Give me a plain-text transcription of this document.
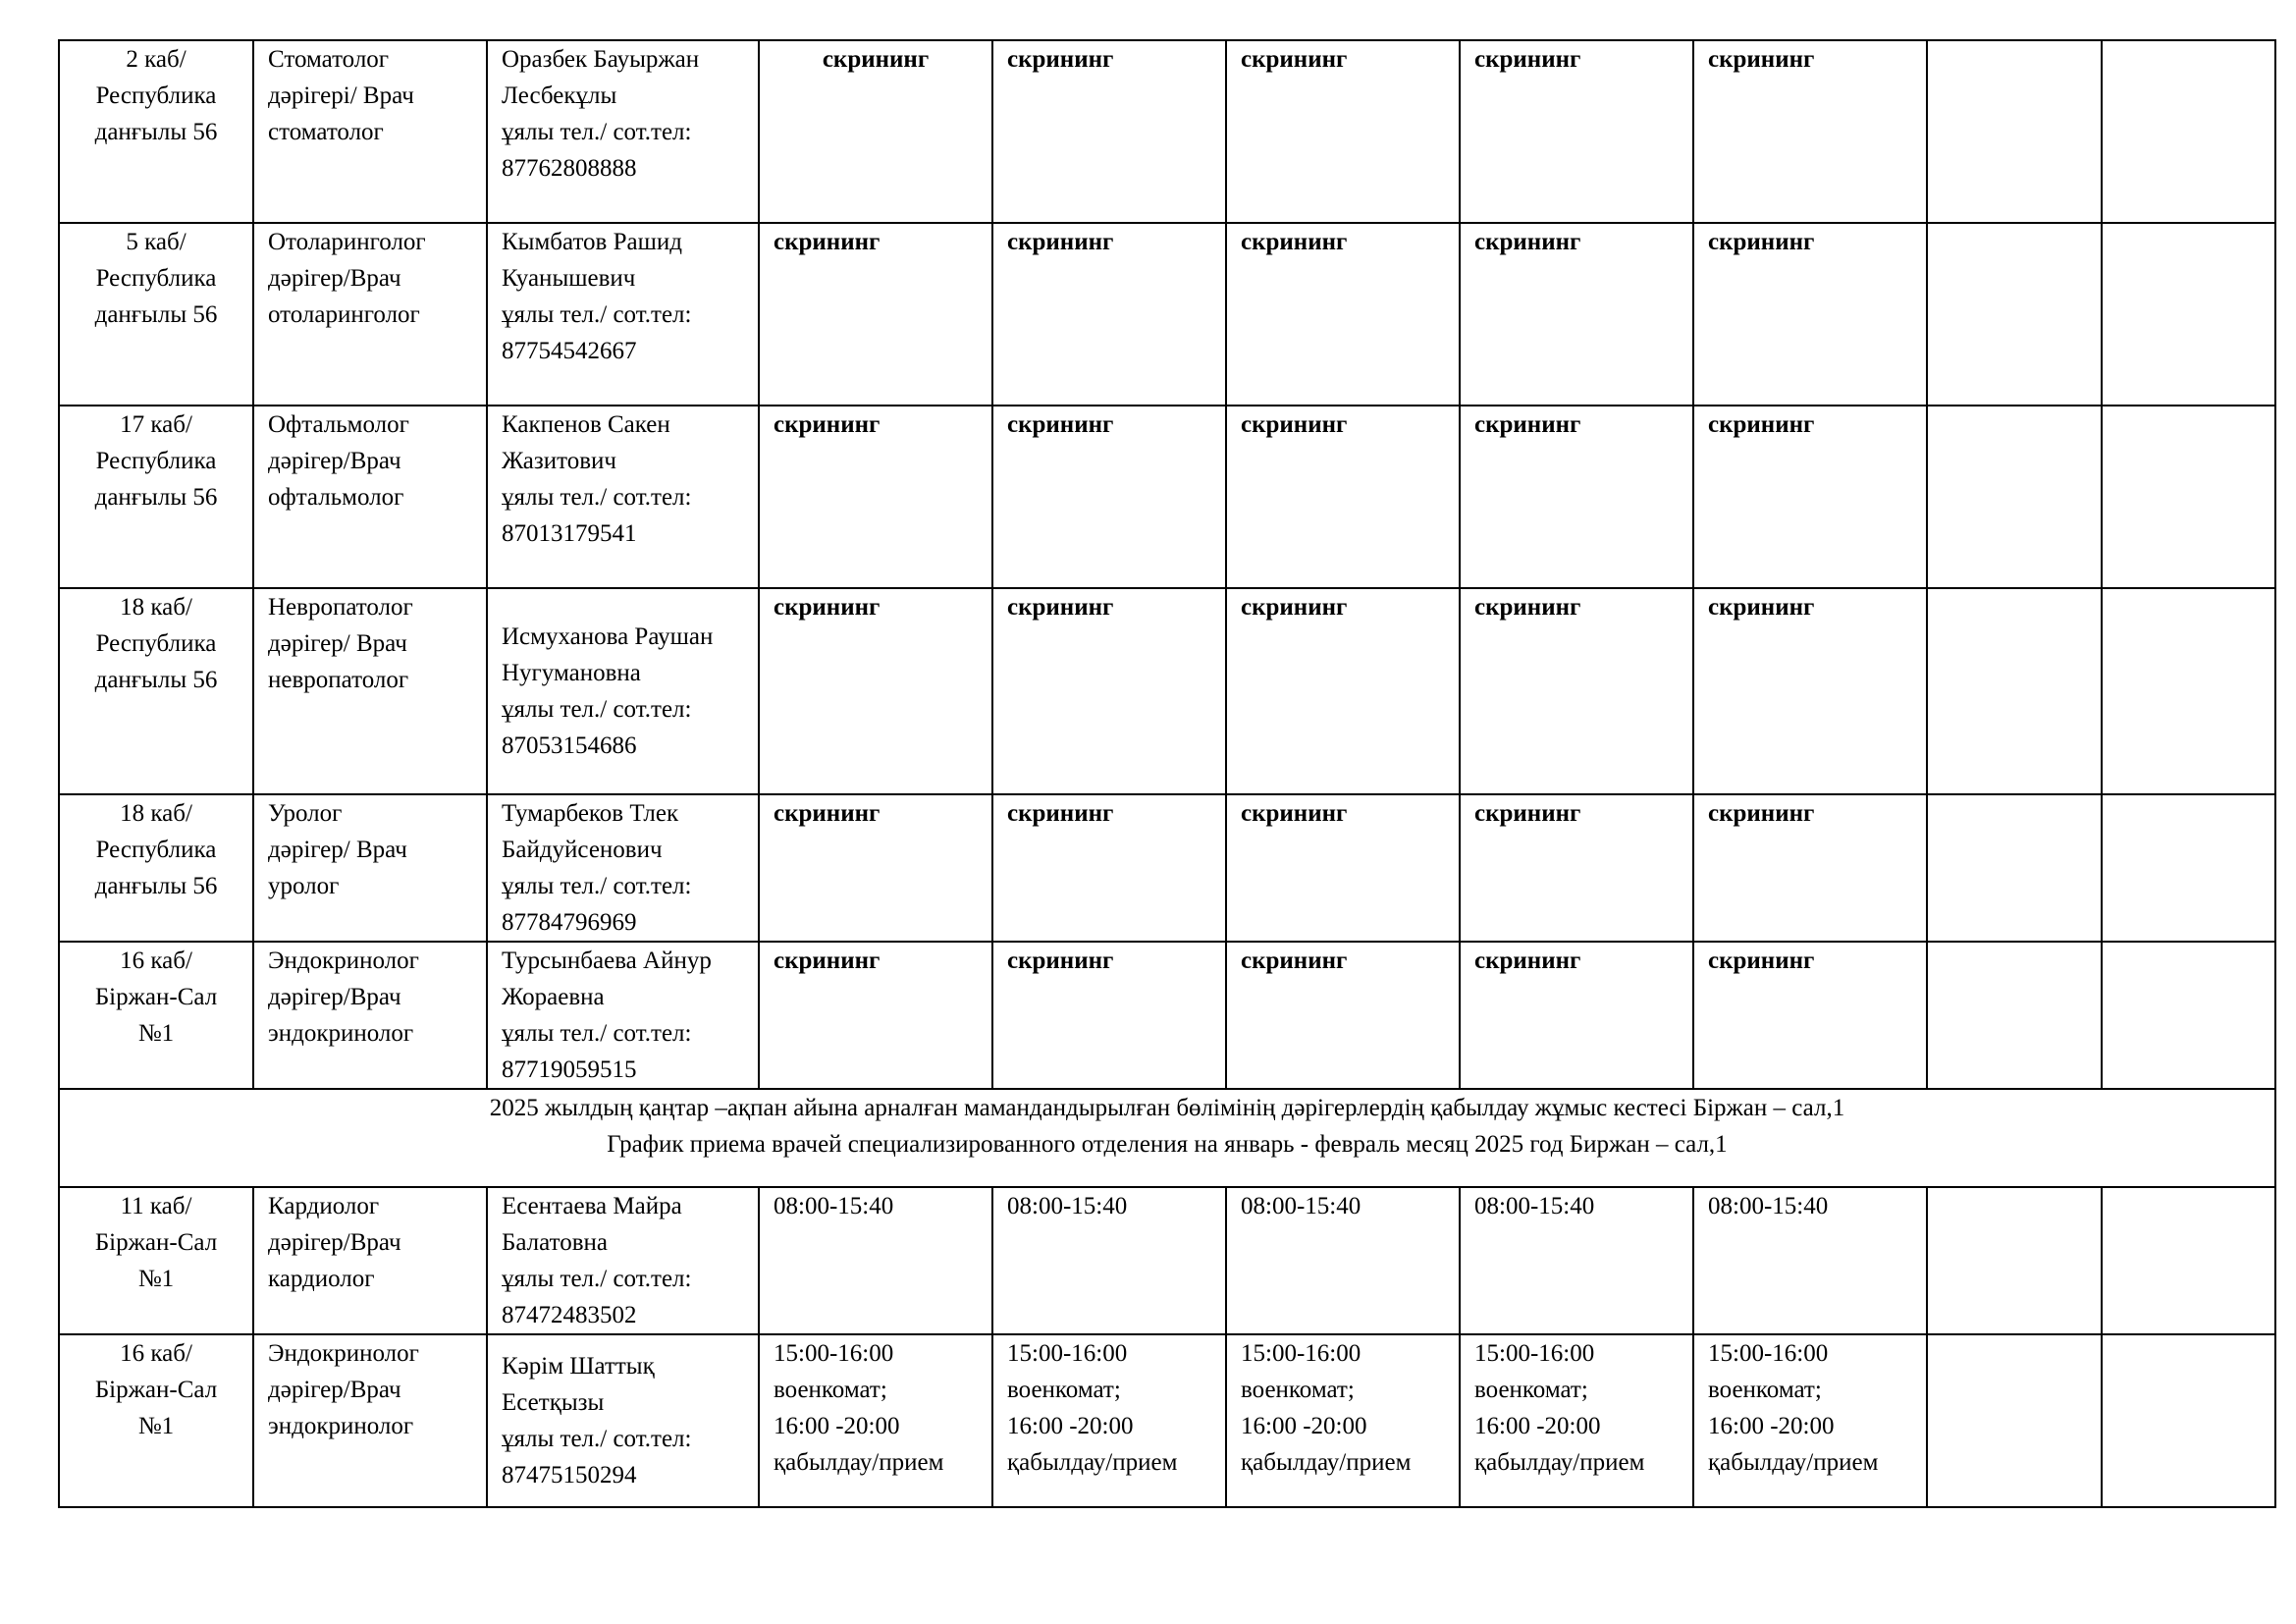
2 каб/
Республика
данғылы 56	Стоматолог
дәрігері/ Врач
стоматолог	Оразбек Бауыржан
Лесбекұлы
ұялы тел./ сот.тел:
87762808888	скрининг	скрининг	скрининг	скрининг	скрининг		

5 каб/
Республика
данғылы 56	Отоларинголог
дәрігер/Врач
отоларинголог	Кымбатов Рашид
Куанышевич
ұялы тел./ сот.тел:
87754542667	скрининг	скрининг	скрининг	скрининг	скрининг		

17 каб/
Республика
данғылы 56	Офтальмолог
дәрігер/Врач
офтальмолог	Какпенов Сакен
Жазитович
ұялы тел./ сот.тел:
87013179541	скрининг	скрининг	скрининг	скрининг	скрининг		

18 каб/
Республика
данғылы 56	Невропатолог
дәрігер/ Врач
невропатолог	Исмуханова Раушан
Нугумановна
ұялы тел./ сот.тел:
87053154686	скрининг	скрининг	скрининг	скрининг	скрининг		

18 каб/
Республика
данғылы 56	Уролог
дәрігер/ Врач
уролог	Тумарбеков Тлек
Байдуйсенович
ұялы тел./ сот.тел:
87784796969	скрининг	скрининг	скрининг	скрининг	скрининг		

16 каб/
Біржан-Сал
№1	Эндокринолог
дәрігер/Врач
эндокринолог	Турсынбаева Айнур
Жораевна
ұялы тел./ сот.тел:
87719059515	скрининг	скрининг	скрининг	скрининг	скрининг		

2025 жылдың қаңтар –ақпан айына арналған мамандандырылған бөлімінің дәрігерлердің қабылдау жұмыс кестесі Біржан – сал,1
График приема врачей специализированного отделения на январь - февраль месяц 2025 год Биржан – сал,1									

11 каб/
Біржан-Сал
№1	Кардиолог
дәрігер/Врач
кардиолог	Есентаева Майра
Балатовна
ұялы тел./ сот.тел:
87472483502	08:00-15:40	08:00-15:40	08:00-15:40	08:00-15:40	08:00-15:40		

16 каб/
Біржан-Сал
№1	Эндокринолог
дәрігер/Врач
эндокринолог	Кәрім Шаттық
Есетқызы
ұялы тел./ сот.тел:
87475150294	15:00-16:00
военкомат;
16:00 -20:00
қабылдау/прием	15:00-16:00
военкомат;
16:00 -20:00
қабылдау/прием	15:00-16:00
военкомат;
16:00 -20:00
қабылдау/прием	15:00-16:00
военкомат;
16:00 -20:00
қабылдау/прием	15:00-16:00
военкомат;
16:00 -20:00
қабылдау/прием		
